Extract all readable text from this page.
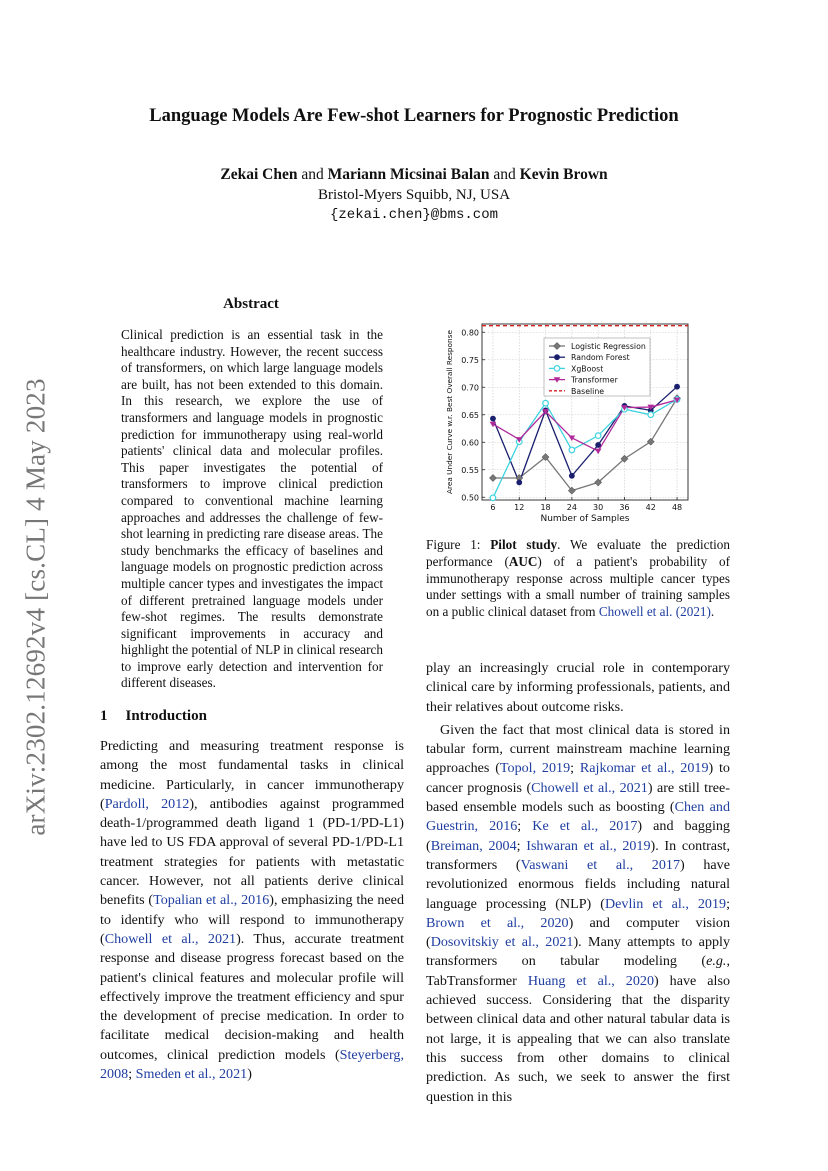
Language Models Are Few-shot Learners for Prognostic Prediction
Zekai Chen and Mariann Micsinai Balan and Kevin Brown
Bristol-Myers Squibb, NJ, USA
{zekai.chen}@bms.com
arXiv:2302.12692v4 [cs.CL] 4 May 2023
Abstract
Clinical prediction is an essential task in the healthcare industry. However, the recent success of transformers, on which large language models are built, has not been extended to this domain. In this research, we explore the use of transformers and language models in prognostic prediction for immunotherapy using real-world patients' clinical data and molecular profiles. This paper investigates the potential of transformers to improve clinical prediction compared to conventional machine learning approaches and addresses the challenge of few-shot learning in predicting rare disease areas. The study benchmarks the efficacy of baselines and language models on prognostic prediction across multiple cancer types and investigates the impact of different pretrained language models under few-shot regimes. The results demonstrate significant improvements in accuracy and highlight the potential of NLP in clinical research to improve early detection and intervention for different diseases.
1 Introduction

Predicting and measuring treatment response is among the most fundamental tasks in clinical medicine. Particularly, in cancer immunotherapy (Pardoll, 2012), antibodies against programmed death-1/programmed death ligand 1 (PD-1/PD-L1) have led to US FDA approval of several PD-1/PD-L1 treatment strategies for patients with metastatic cancer. However, not all patients derive clinical benefits (Topalian et al., 2016), emphasizing the need to identify who will respond to immunotherapy (Chowell et al., 2021). Thus, accurate treatment response and disease progress forecast based on the patient's clinical features and molecular profile will effectively improve the treatment efficiency and spur the development of precise medication. In order to facilitate medical decision-making and health outcomes, clinical prediction models (Steyerberg, 2008; Smeden et al., 2021)

0.50
0.55
0.60
0.65
0.70
0.75
0.80
6 12 18 24 30 36 42 48
Number of Samples
Area Under Curve w.r. Best Overall Response	Logistic Regression
Random Forest
XgBoost
Transformer
Baseline
Figure 1: Pilot study. We evaluate the prediction performance (AUC) of a patient's probability of immunotherapy response across multiple cancer types under settings with a small number of training samples on a public clinical dataset from Chowell et al. (2021).

play an increasingly crucial role in contemporary clinical care by informing professionals, patients, and their relatives about outcome risks.

Given the fact that most clinical data is stored in tabular form, current mainstream machine learning approaches (Topol, 2019; Rajkomar et al., 2019) to cancer prognosis (Chowell et al., 2021) are still tree-based ensemble models such as boosting (Chen and Guestrin, 2016; Ke et al., 2017) and bagging (Breiman, 2004; Ishwaran et al., 2019). In contrast, transformers (Vaswani et al., 2017) have revolutionized enormous fields including natural language processing (NLP) (Devlin et al., 2019; Brown et al., 2020) and computer vision (Dosovitskiy et al., 2021). Many attempts to apply transformers on tabular modeling (e.g., TabTransformer Huang et al., 2020) have also achieved success. Considering that the disparity between clinical data and other natural tabular data is not large, it is appealing that we can also translate this success from other domains to clinical prediction. As such, we seek to answer the first question in this
